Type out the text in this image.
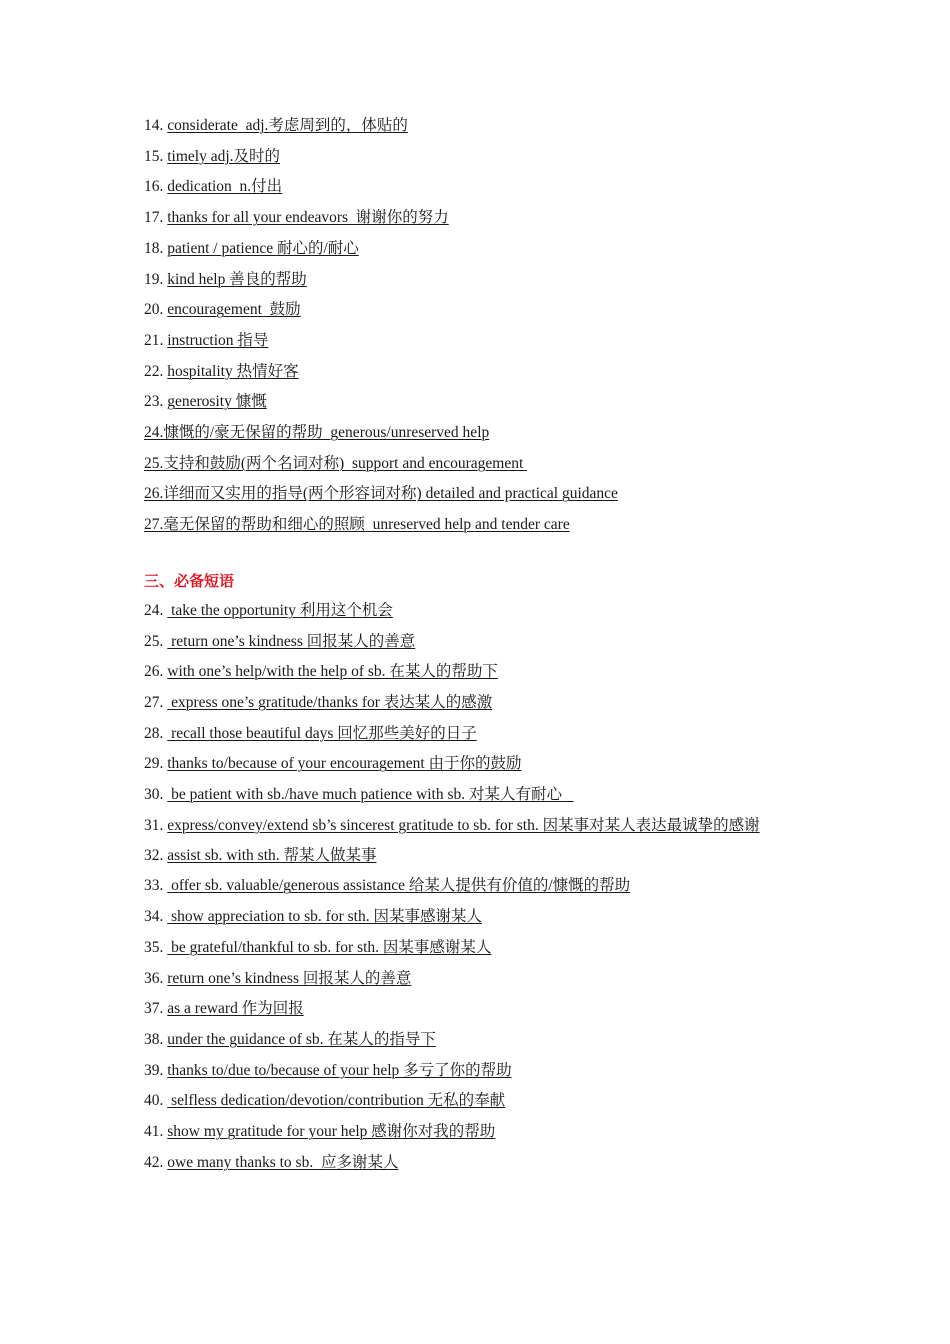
14. considerate  adj.考虑周到的，体贴的
15. timely adj.及时的
16. dedication  n.付出
17. thanks for all your endeavors  谢谢你的努力
18. patient / patience 耐心的/耐心
19. kind help 善良的帮助
20. encouragement  鼓励
21. instruction 指导
22. hospitality 热情好客
23. generosity 慷慨
24.慷慨的/豪无保留的帮助  generous/unreserved help
25.支持和鼓励(两个名词对称)  support and encouragement
26.详细而又实用的指导(两个形容词对称) detailed and practical guidance
27.毫无保留的帮助和细心的照顾  unreserved help and tender care
三、必备短语
24.  take the opportunity 利用这个机会
25.  return one’s kindness 回报某人的善意
26. with one’s help/with the help of sb. 在某人的帮助下
27.  express one’s gratitude/thanks for 表达某人的感激
28.  recall those beautiful days 回忆那些美好的日子
29. thanks to/because of your encouragement 由于你的鼓励
30.  be patient with sb./have much patience with sb. 对某人有耐心
31. express/convey/extend sb’s sincerest gratitude to sb. for sth. 因某事对某人表达最诚挚的感谢
32. assist sb. with sth. 帮某人做某事
33.  offer sb. valuable/generous assistance 给某人提供有价值的/慷慨的帮助
34.  show appreciation to sb. for sth. 因某事感谢某人
35.  be grateful/thankful to sb. for sth. 因某事感谢某人
36. return one’s kindness 回报某人的善意
37. as a reward 作为回报
38. under the guidance of sb. 在某人的指导下
39. thanks to/due to/because of your help 多亏了你的帮助
40.  selfless dedication/devotion/contribution 无私的奉献
41. show my gratitude for your help 感谢你对我的帮助
42. owe many thanks to sb.  应多谢某人
